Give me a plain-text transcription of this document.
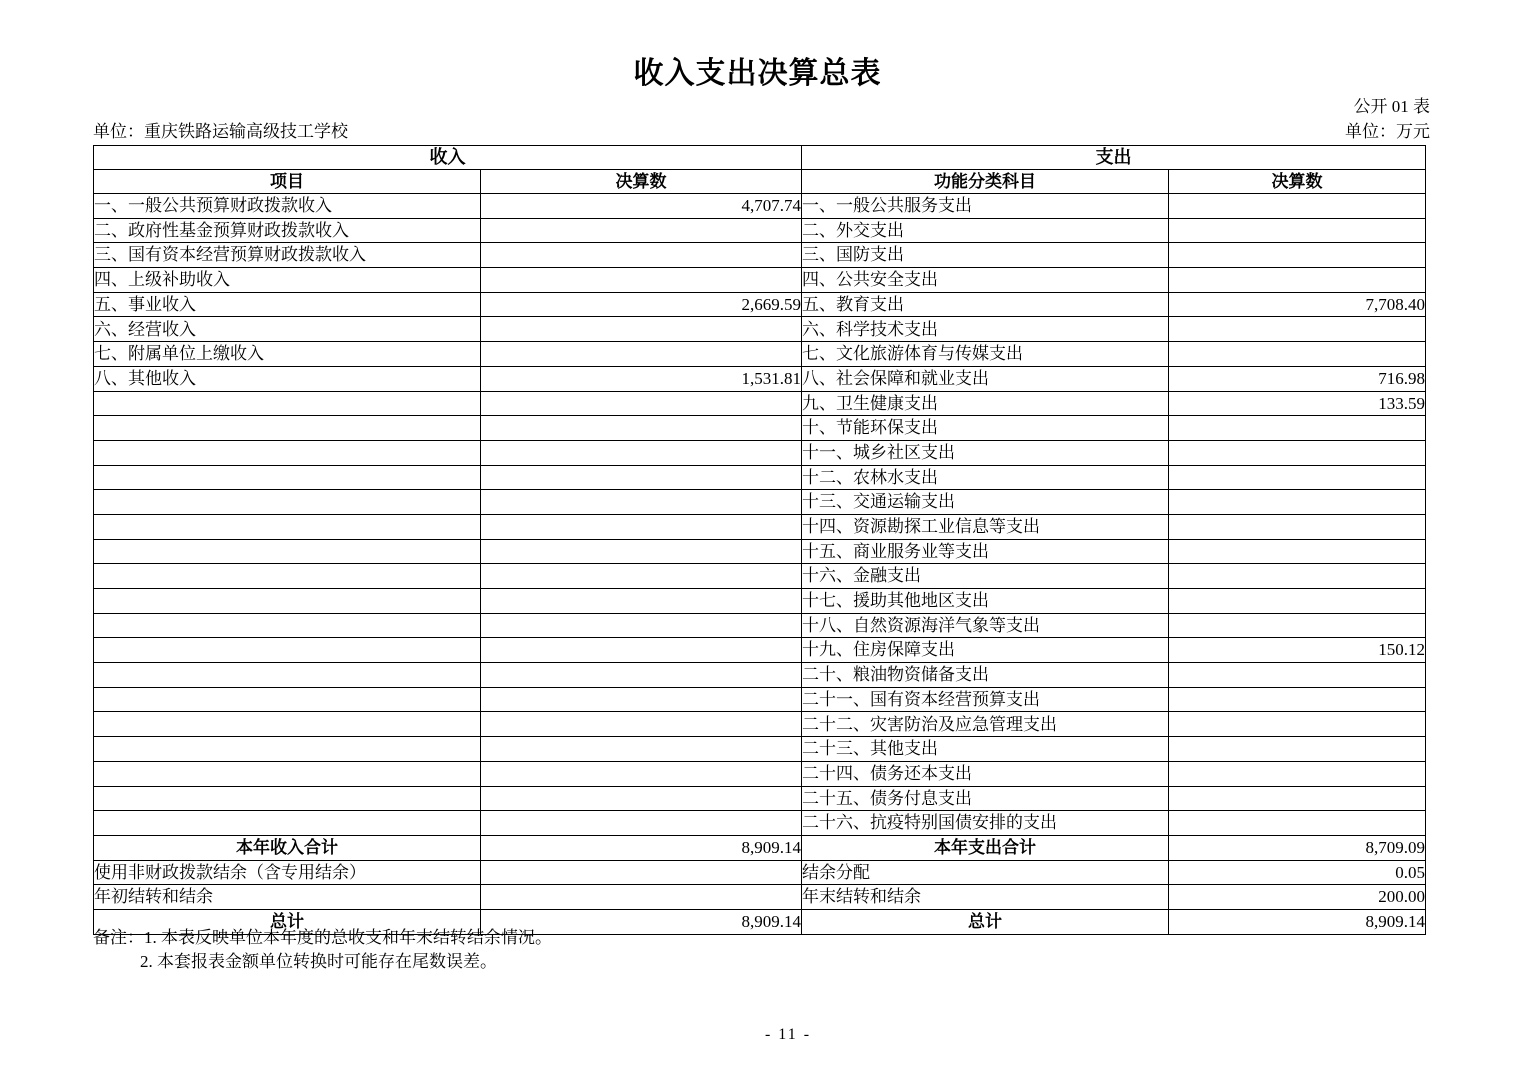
收入支出决算总表
公开 01 表
单位：重庆铁路运输高级技工学校	单位：万元
收入		支出	
项目	决算数	功能分类科目	决算数
一、一般公共预算财政拨款收入	4,707.74	一、一般公共服务支出	
二、政府性基金预算财政拨款收入		二、外交支出	
三、国有资本经营预算财政拨款收入		三、国防支出	
四、上级补助收入		四、公共安全支出	
五、事业收入	2,669.59	五、教育支出	7,708.40
六、经营收入		六、科学技术支出	
七、附属单位上缴收入		七、文化旅游体育与传媒支出	
八、其他收入	1,531.81	八、社会保障和就业支出	716.98
		九、卫生健康支出	133.59
		十、节能环保支出	
		十一、城乡社区支出	
		十二、农林水支出	
		十三、交通运输支出	
		十四、资源勘探工业信息等支出	
		十五、商业服务业等支出	
		十六、金融支出	
		十七、援助其他地区支出	
		十八、自然资源海洋气象等支出	
		十九、住房保障支出	150.12
		二十、粮油物资储备支出	
		二十一、国有资本经营预算支出	
		二十二、灾害防治及应急管理支出	
		二十三、其他支出	
		二十四、债务还本支出	
		二十五、债务付息支出	
		二十六、抗疫特别国债安排的支出	
本年收入合计	8,909.14	本年支出合计	8,709.09
使用非财政拨款结余（含专用结余）		结余分配	0.05
年初结转和结余		年末结转和结余	200.00
总计	8,909.14	总计	8,909.14
备注：1. 本表反映单位本年度的总收支和年末结转结余情况。
2. 本套报表金额单位转换时可能存在尾数误差。
- 11 -
